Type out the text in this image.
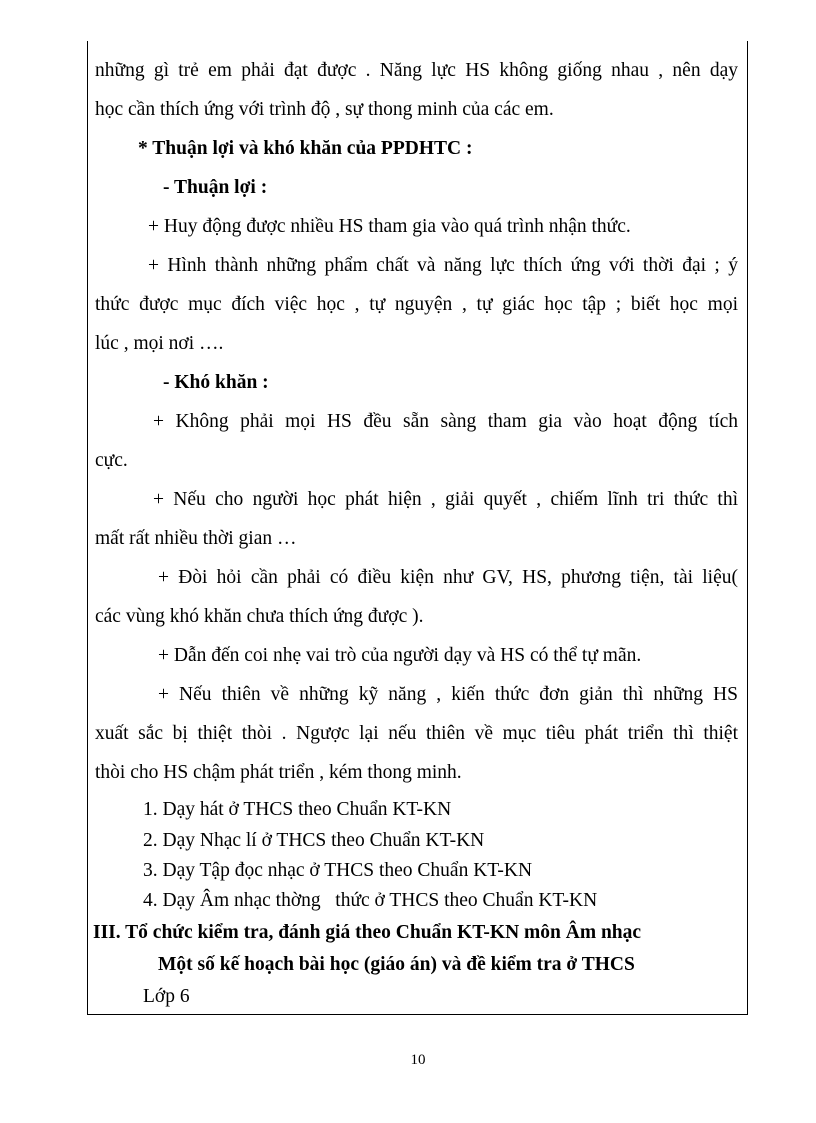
những gì trẻ em phải đạt được . Năng lực HS không giống nhau , nên dạy
học cần thích ứng với trình độ , sự thong minh của các em.
* Thuận lợi và khó khăn của PPDHTC :
- Thuận lợi :
+ Huy động được nhiều HS tham gia vào quá trình nhận thức.
+ Hình thành những phẩm chất và năng lực thích ứng với thời đại ; ý
thức được mục đích việc học , tự nguyện , tự giác học tập ; biết học mọi
lúc , mọi nơi ….
- Khó khăn :
+ Không phải mọi HS đều sẵn sàng tham gia vào hoạt động tích
cực.
+ Nếu cho người học phát hiện , giải quyết , chiếm lĩnh tri thức thì
mất rất nhiều thời gian …
+ Đòi hỏi cần phải có điều kiện như GV, HS, phương tiện, tài liệu(
các vùng khó khăn chưa thích ứng được ).
+ Dẫn đến coi nhẹ vai trò của người dạy và HS có thể tự mãn.
+ Nếu thiên về những kỹ năng , kiến thức đơn giản thì những HS
xuất sắc bị thiệt thòi . Ngược lại nếu thiên về mục tiêu phát triển thì thiệt
thòi cho HS chậm phát triển , kém thong minh.
1. Dạy hát ở THCS theo Chuẩn KT-KN
2. Dạy Nhạc lí ở THCS theo Chuẩn KT-KN
3. Dạy Tập đọc nhạc ở THCS theo Chuẩn KT-KN
4. Dạy Âm nhạc thờng   thức ở THCS theo Chuẩn KT-KN
III. Tổ chức kiểm tra, đánh giá theo Chuẩn KT-KN môn Âm nhạc
Một số kế hoạch bài học (giáo án) và đề kiểm tra ở THCS
Lớp 6
10
